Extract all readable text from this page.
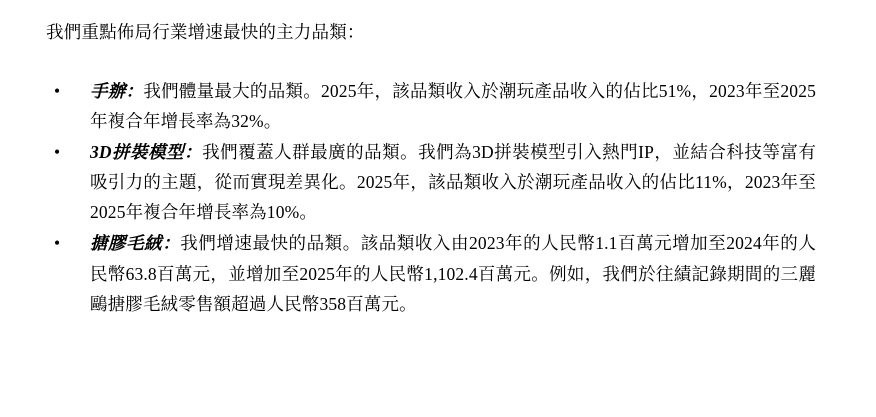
我們重點佈局行業增速最快的主力品類：

• 手辦：我們體量最大的品類。2025年，該品類收入於潮玩產品收入的佔比51%，2023年至2025年複合年增長率為32%。
• 3D拼裝模型：我們覆蓋人群最廣的品類。我們為3D拼裝模型引入熱門IP，並結合科技等富有吸引力的主題，從而實現差異化。2025年，該品類收入於潮玩產品收入的佔比11%，2023年至2025年複合年增長率為10%。
• 搪膠毛絨：我們增速最快的品類。該品類收入由2023年的人民幣1.1百萬元增加至2024年的人民幣63.8百萬元，並增加至2025年的人民幣1,102.4百萬元。例如，我們於往績記錄期間的三麗鷗搪膠毛絨零售額超過人民幣358百萬元。
